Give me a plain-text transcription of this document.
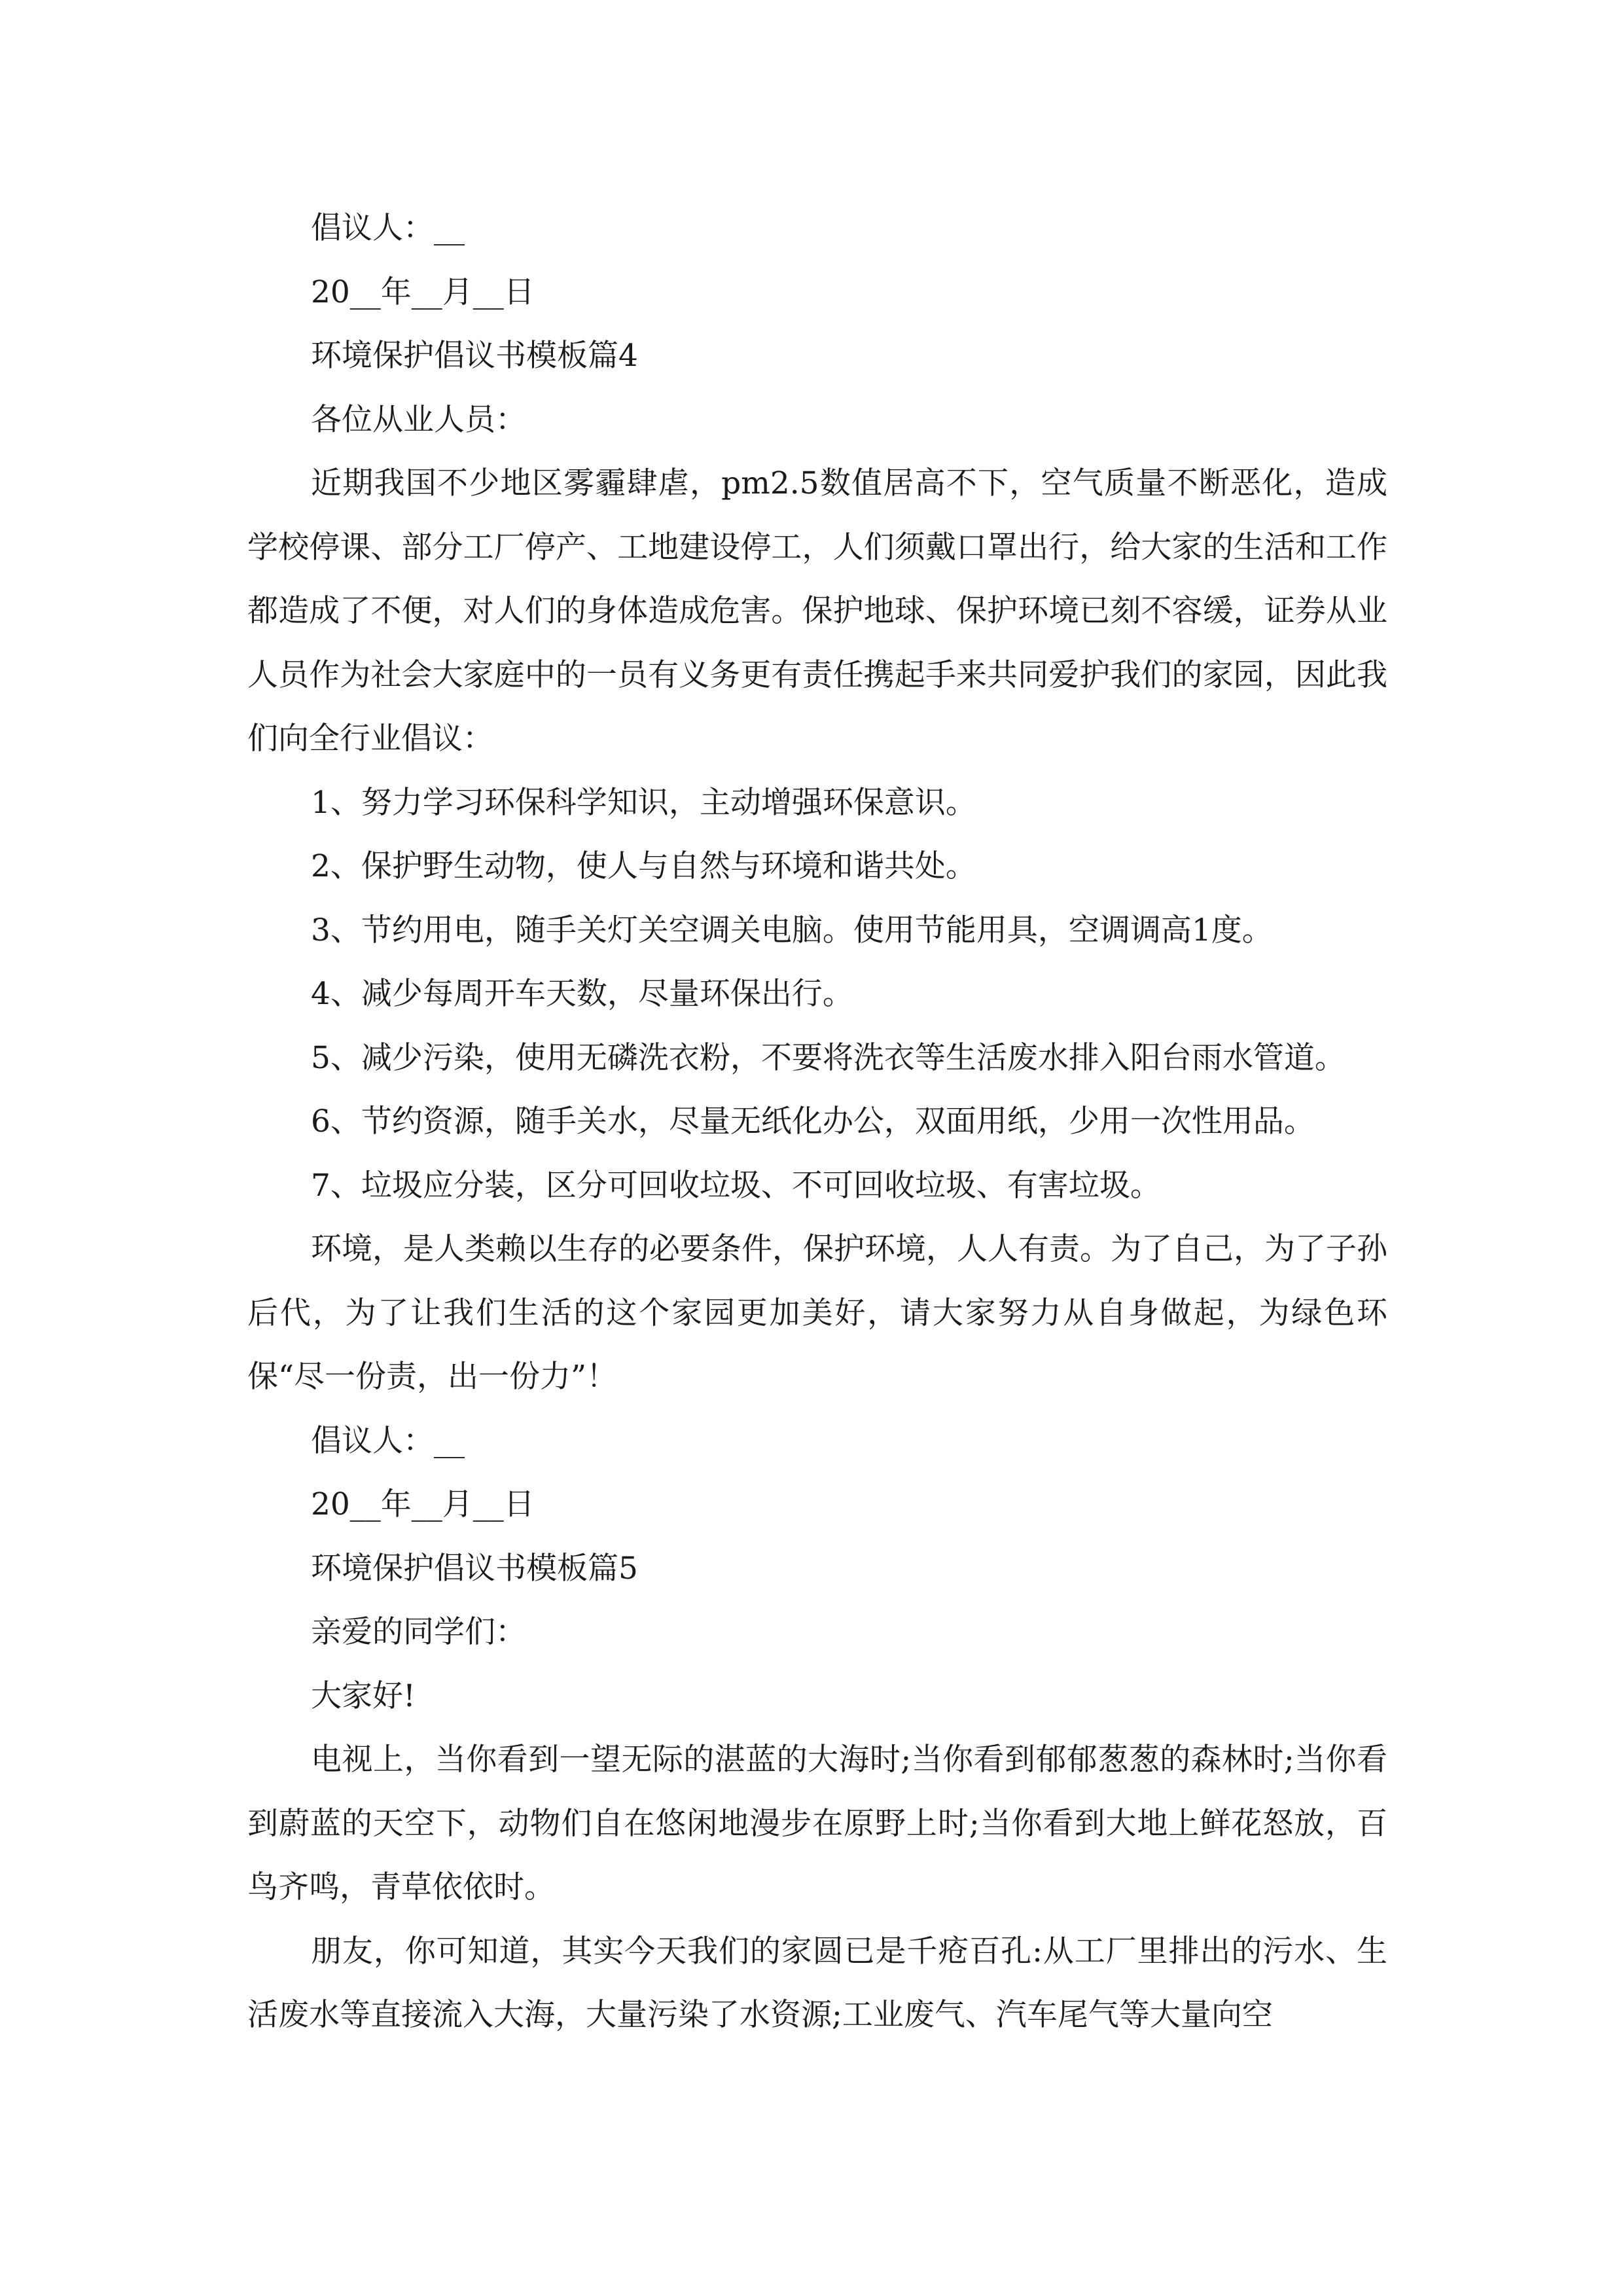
倡议人：__

20__年__月__日

环境保护倡议书模板篇4

各位从业人员：

近期我国不少地区雾霾肆虐，pm2.5数值居高不下，空气质量不断恶化，造成学校停课、部分工厂停产、工地建设停工，人们须戴口罩出行，给大家的生活和工作都造成了不便，对人们的身体造成危害。保护地球、保护环境已刻不容缓，证券从业人员作为社会大家庭中的一员有义务更有责任携起手来共同爱护我们的家园，因此我们向全行业倡议：

1、努力学习环保科学知识，主动增强环保意识。

2、保护野生动物，使人与自然与环境和谐共处。

3、节约用电，随手关灯关空调关电脑。使用节能用具，空调调高1度。

4、减少每周开车天数，尽量环保出行。

5、减少污染，使用无磷洗衣粉，不要将洗衣等生活废水排入阳台雨水管道。

6、节约资源，随手关水，尽量无纸化办公，双面用纸，少用一次性用品。

7、垃圾应分装，区分可回收垃圾、不可回收垃圾、有害垃圾。

环境，是人类赖以生存的必要条件，保护环境，人人有责。为了自己，为了子孙后代，为了让我们生活的这个家园更加美好，请大家努力从自身做起，为绿色环保“尽一份责，出一份力”！

倡议人：__

20__年__月__日

环境保护倡议书模板篇5

亲爱的同学们：

大家好!

电视上，当你看到一望无际的湛蓝的大海时;当你看到郁郁葱葱的森林时;当你看到蔚蓝的天空下，动物们自在悠闲地漫步在原野上时;当你看到大地上鲜花怒放，百鸟齐鸣，青草依依时。

朋友，你可知道，其实今天我们的家圆已是千疮百孔:从工厂里排出的污水、生活废水等直接流入大海，大量污染了水资源;工业废气、汽车尾气等大量向空
